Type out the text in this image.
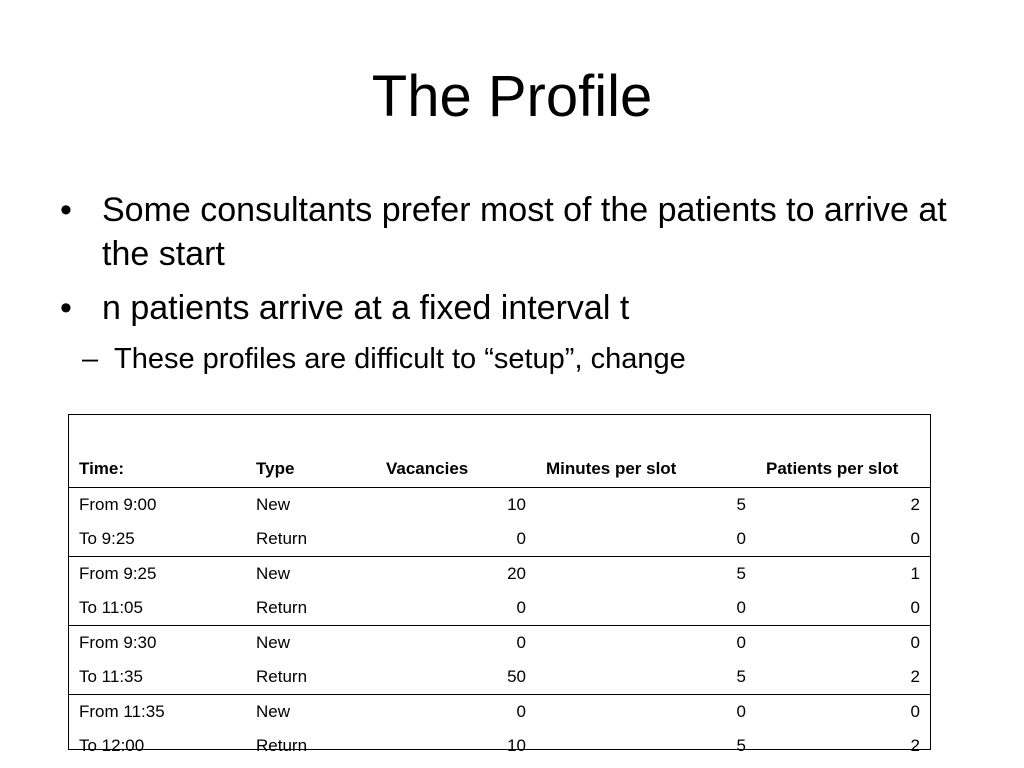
The Profile
• Some consultants prefer most of the patients to arrive at the start
• n patients arrive at a fixed interval t
– These profiles are difficult to “setup”, change
Time:	Type	Vacancies	Minutes per slot	Patients per slot
From 9:00	New	10	5	2
To 9:25	Return	0	0	0
From 9:25	New	20	5	1
To 11:05	Return	0	0	0
From 9:30	New	0	0	0
To 11:35	Return	50	5	2
From 11:35	New	0	0	0
To 12:00	Return	10	5	2
